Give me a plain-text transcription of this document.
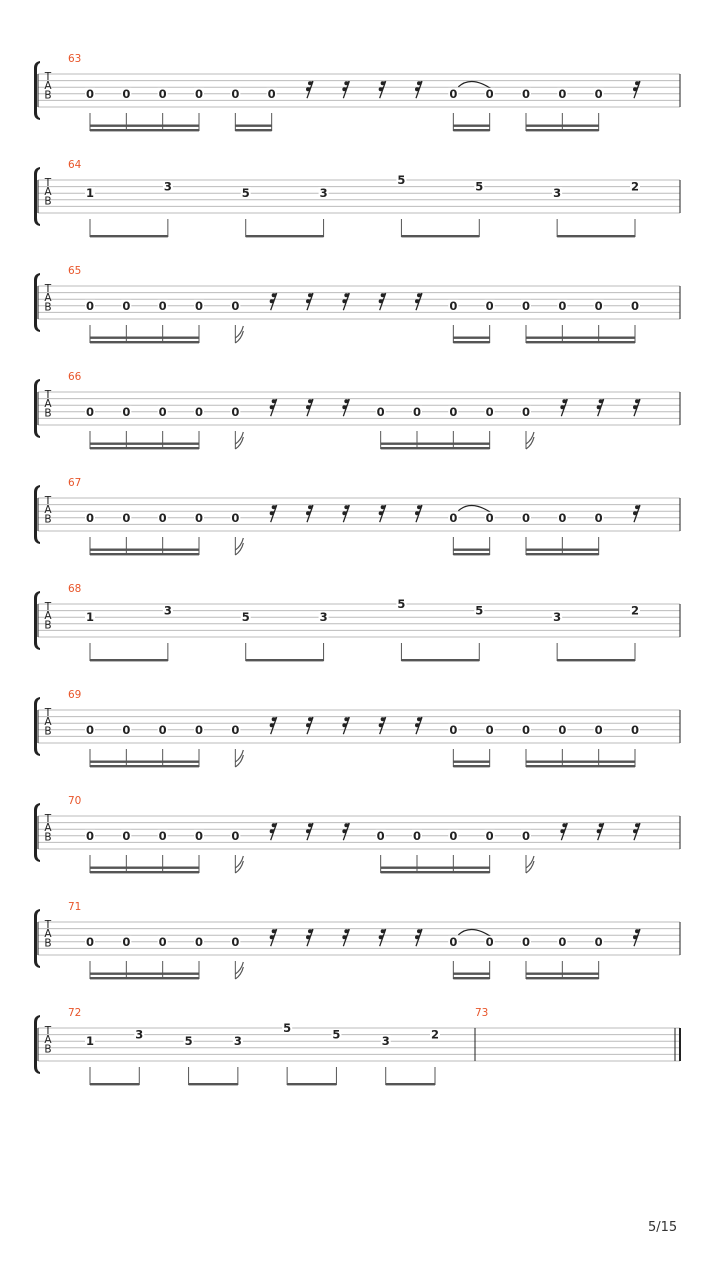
T
A
B
63
0 0 0 0 0 0	0 0 0 0 0
T
A
B
64
1	3	5	3
5	5	3	2
T
A
B
65
0 0 0 0 0	0 0 0 0 0 0
T
A
B
66
0 0 0 0 0	0 0 0 0 0
T
A
B
67
0 0 0 0 0	0 0 0 0 0
T
A
B
68
1	3	5	3
5	5	3	2
T
A
B
69
0 0 0 0 0	0 0 0 0 0 0
T
A
B
70
0 0 0 0 0	0 0 0 0 0
T
A
B
71
0 0 0 0 0	0 0 0 0 0
T
A
B
72
1	3	5	3
5	5	3	2
73
5/15
